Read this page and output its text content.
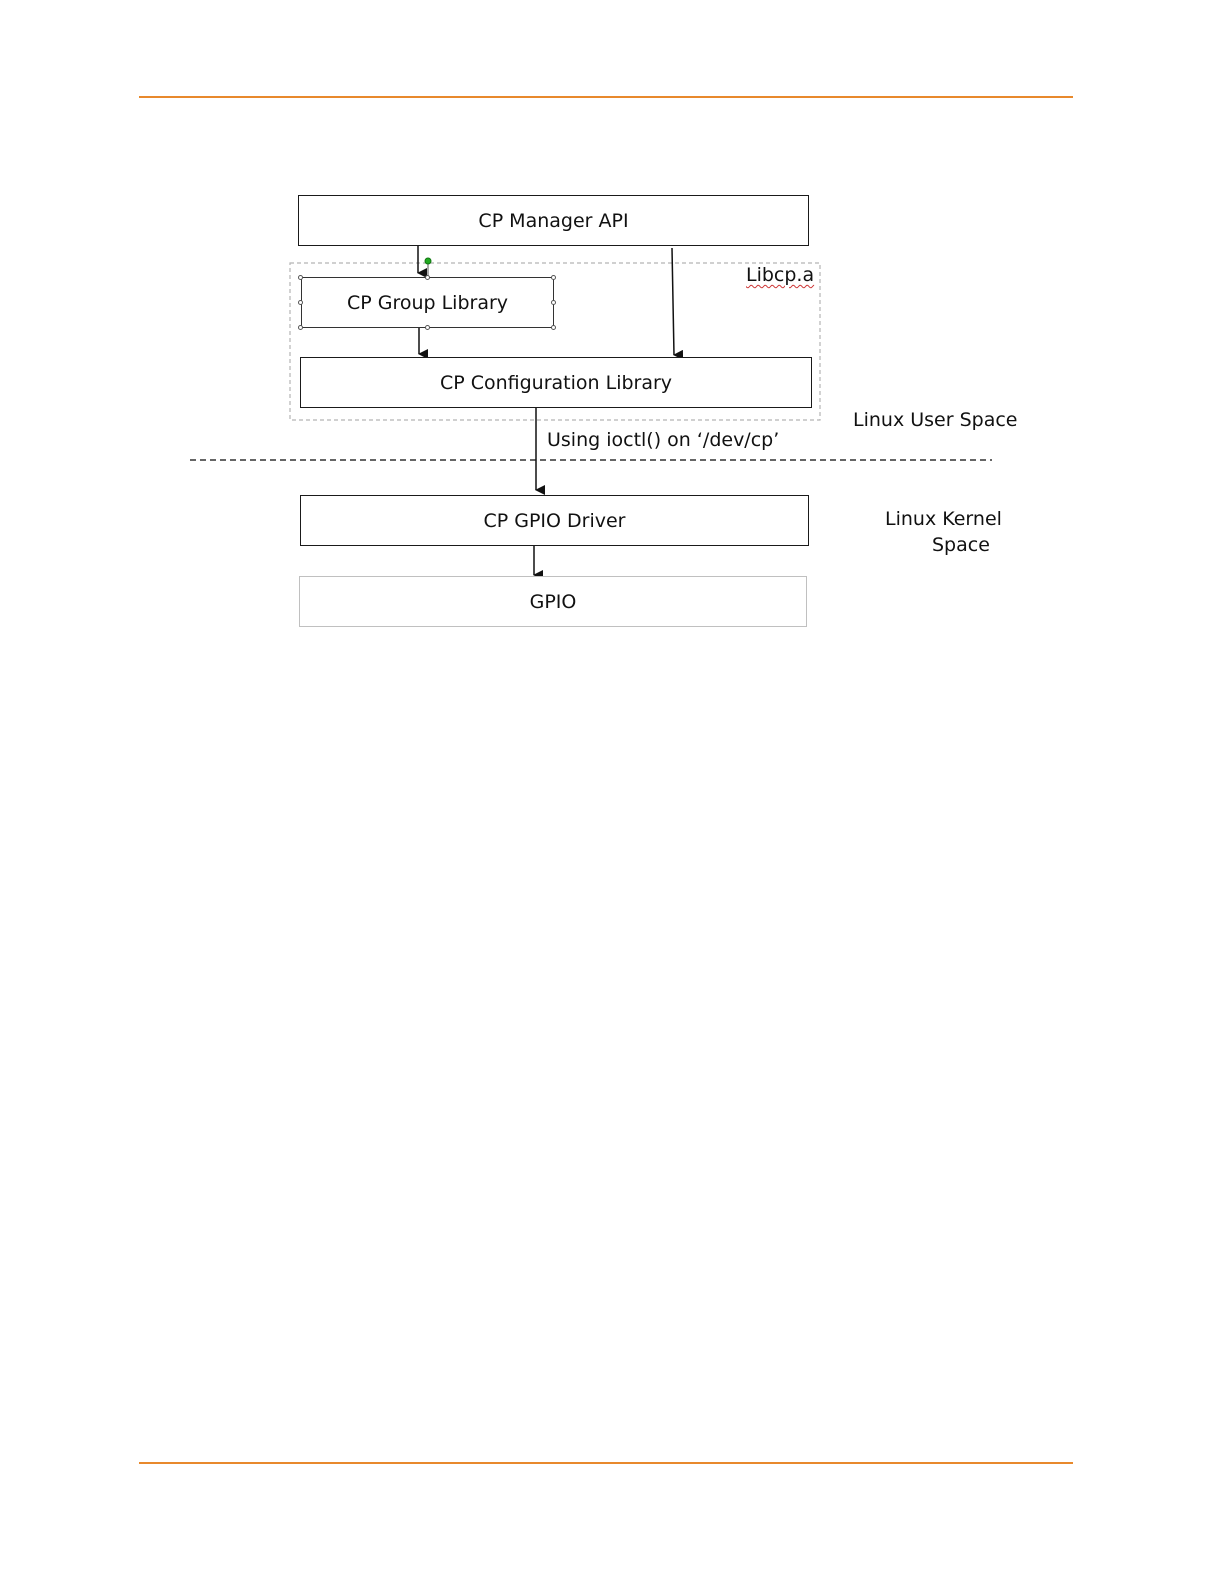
CP Manager API
CP Group Library
CP Configuration Library
CP GPIO Driver
GPIO
Libcp.a
Using ioctl() on ‘/dev/cp’
Linux User Space
Linux Kernel
Space
